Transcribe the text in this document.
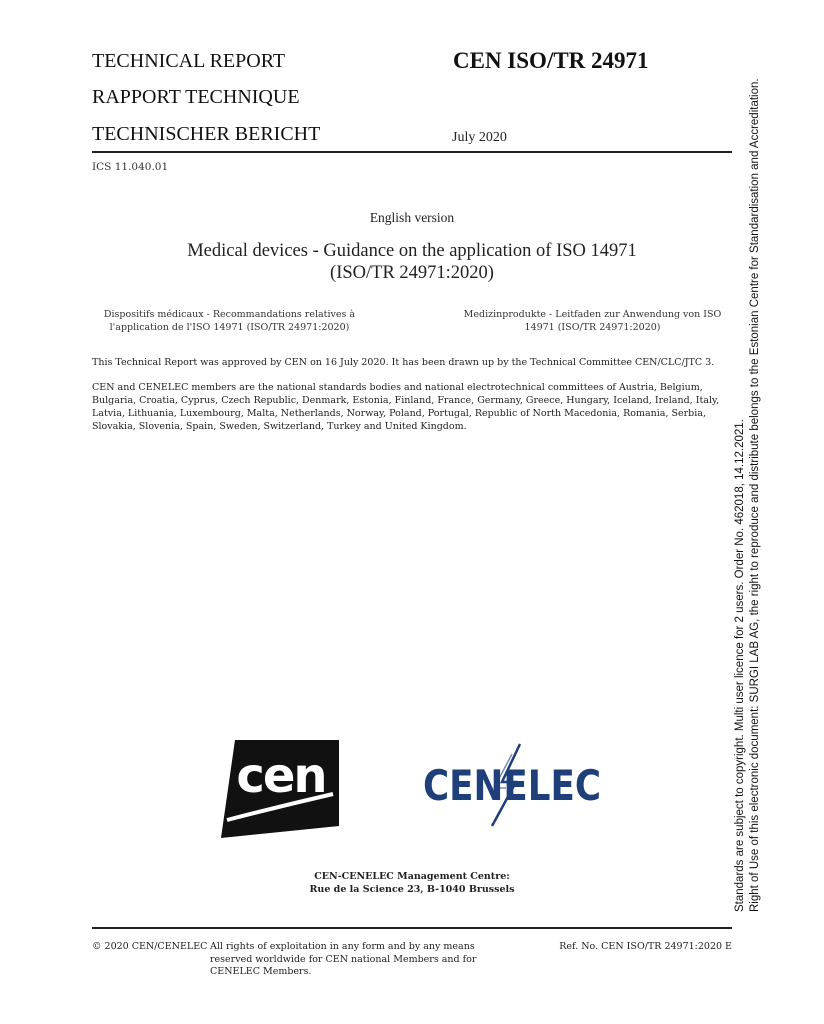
TECHNICAL REPORT
RAPPORT TECHNIQUE
TECHNISCHER BERICHT
CEN ISO/TR 24971
July 2020
ICS 11.040.01
English version
Medical devices - Guidance on the application of ISO 14971
(ISO/TR 24971:2020)
Dispositifs médicaux - Recommandations relatives à l'application de l'ISO 14971 (ISO/TR 24971:2020)
Medizinprodukte - Leitfaden zur Anwendung von ISO 14971 (ISO/TR 24971:2020)
This Technical Report was approved by CEN on 16 July 2020. It has been drawn up by the Technical Committee CEN/CLC/JTC 3.
CEN and CENELEC members are the national standards bodies and national electrotechnical committees of Austria, Belgium, Bulgaria, Croatia, Cyprus, Czech Republic, Denmark, Estonia, Finland, France, Germany, Greece, Hungary, Iceland, Ireland, Italy, Latvia, Lithuania, Luxembourg, Malta, Netherlands, Norway, Poland, Portugal, Republic of North Macedonia, Romania, Serbia, Slovakia, Slovenia, Spain, Sweden, Switzerland, Turkey and United Kingdom.	Standards are subject to copyright. Multi user licence for 2 users. Order No. 462018, 14.12.2021. Right of Use of this electronic document: SURGI LAB AG, the right to reproduce and distribute belongs to the Estonian Centre for Standardisation and Accreditation.
cen CENELEC
CEN-CENELEC Management Centre:
Rue de la Science 23, B-1040 Brussels
© 2020 CEN/CENELEC All rights of exploitation in any form and by any means reserved worldwide for CEN national Members and for CENELEC Members.
Ref. No. CEN ISO/TR 24971:2020 E
